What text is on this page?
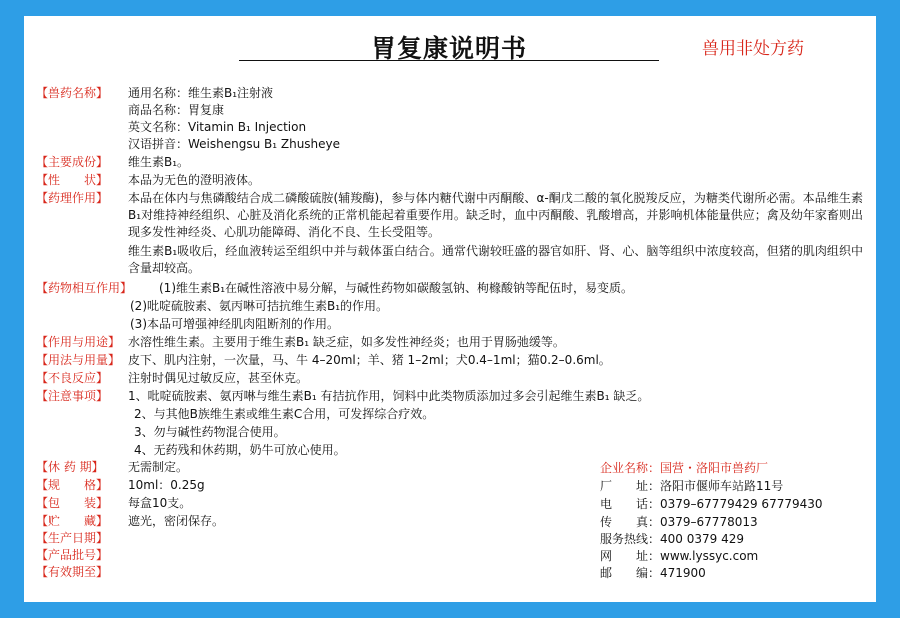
胃复康说明书	兽用非处方药
【兽药名称】 通用名称：维生素B₁注射液
商品名称：胃复康
英文名称：Vitamin B₁ Injection
汉语拼音：Weishengsu B₁ Zhusheye
【主要成份】 维生素B₁。
【性　　状】 本品为无色的澄明液体。
【药理作用】	本品在体内与焦磷酸结合成二磷酸硫胺(辅羧酶)，参与体内糖代谢中丙酮酸、α-酮戊二酸的氧化脱羧反应，为糖类代谢所必需。本品维生素B₁对维持神经组织、心脏及消化系统的正常机能起着重要作用。缺乏时，血中丙酮酸、乳酸增高，并影响机体能量供应；禽及幼年家畜则出现多发性神经炎、心肌功能障碍、消化不良、生长受阻等。
维生素B₁吸收后，经血液转运至组织中并与载体蛋白结合。通常代谢较旺盛的器官如肝、肾、心、脑等组织中浓度较高，但猪的肌肉组织中含量却较高。
【药物相互作用】	(1)维生素B₁在碱性溶液中易分解，与碱性药物如碳酸氢钠、枸橼酸钠等配伍时，易变质。
(2)吡啶硫胺素、氨丙啉可拮抗维生素B₁的作用。
(3)本品可增强神经肌肉阻断剂的作用。
【作用与用途】 水溶性维生素。主要用于维生素B₁ 缺乏症，如多发性神经炎；也用于胃肠弛缓等。
【用法与用量】 皮下、肌内注射，一次量，马、牛 4–20ml；羊、猪 1–2ml；犬0.4–1ml；猫0.2–0.6ml。
【不良反应】 注射时偶见过敏反应，甚至休克。
【注意事项】 1、吡啶硫胺素、氨丙啉与维生素B₁ 有拮抗作用，饲料中此类物质添加过多会引起维生素B₁ 缺乏。
2、与其他B族维生素或维生素C合用，可发挥综合疗效。
3、勿与碱性药物混合使用。
4、无药残和休药期，奶牛可放心使用。
【休 药 期】 无需制定。
【规　　格】 10ml：0.25g
【包　　装】 每盒10支。
【贮　　藏】 遮光，密闭保存。
【生产日期】
【产品批号】
【有效期至】
企业名称：国营・洛阳市兽药厂
厂　　址： 洛阳市偃师车站路11号
电　　话： 0379–67779429 67779430
传　　真： 0379–67778013
服务热线： 400 0379 429
网　　址： www.lyssyc.com
邮　　编： 471900
